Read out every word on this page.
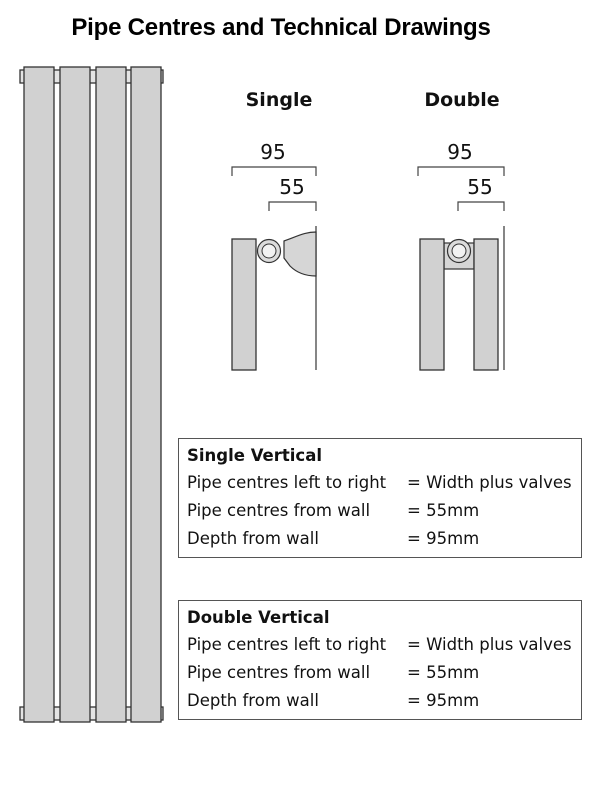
Pipe Centres and Technical Drawings
Single
95
55
Double
95
55
Single Vertical
Pipe centres left to right	= Width plus valves
Pipe centres from wall	= 55mm
Depth from wall	= 95mm
Double Vertical
Pipe centres left to right	= Width plus valves
Pipe centres from wall	= 55mm
Depth from wall	= 95mm
